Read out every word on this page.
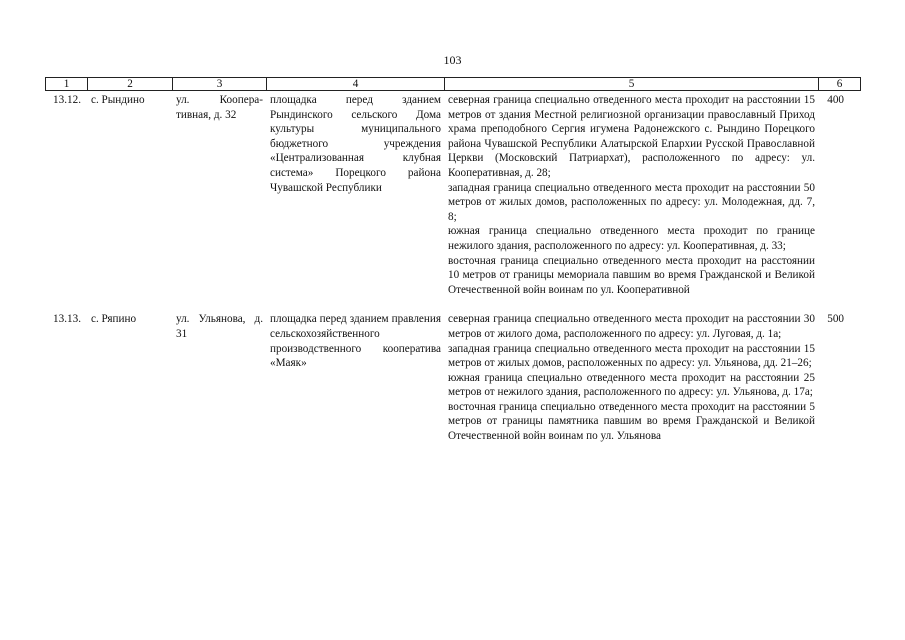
103
1	2	3	4	5	6
13.12.	с. Рындино	ул. Кооперативная, д. 32	площадка перед зданием Рындинского сельского Дома культуры муниципального бюджетного учреждения «Централизованная клубная система» Порецкого района Чувашской Республики	северная граница специально отведенного места проходит на расстоянии 15 метров от здания Местной религиозной организации православный Приход храма преподобного Сергия игумена Радонежского с. Рындино Порецкого района Чувашской Республики Алатырской Епархии Русской Православной Церкви (Московский Патриархат), расположенного по адресу: ул. Кооперативная, д. 28;
западная граница специально отведенного места проходит на расстоянии 50 метров от жилых домов, расположенных по адресу: ул. Молодежная, дд. 7, 8;
южная граница специально отведенного места проходит по границе нежилого здания, расположенного по адресу: ул. Кооперативная, д. 33;
восточная граница специально отведенного места проходит на расстоянии 10 метров от границы мемориала павшим во время Гражданской и Великой Отечественной войн воинам по ул. Кооперативной	400
13.13.	с. Ряпино	ул. Ульянова, д. 31	площадка перед зданием правления сельскохозяйственного производственного кооператива «Маяк»	северная граница специально отведенного места проходит на расстоянии 30 метров от жилого дома, расположенного по адресу: ул. Луговая, д. 1а;
западная граница специально отведенного места проходит на расстоянии 15 метров от жилых домов, расположенных по адресу: ул. Ульянова, дд. 21–26;
южная граница специально отведенного места проходит на расстоянии 25 метров от нежилого здания, расположенного по адресу: ул. Ульянова, д. 17а;
восточная граница специально отведенного места проходит на расстоянии 5 метров от границы памятника павшим во время Гражданской и Великой Отечественной войн воинам по ул. Ульянова	500
